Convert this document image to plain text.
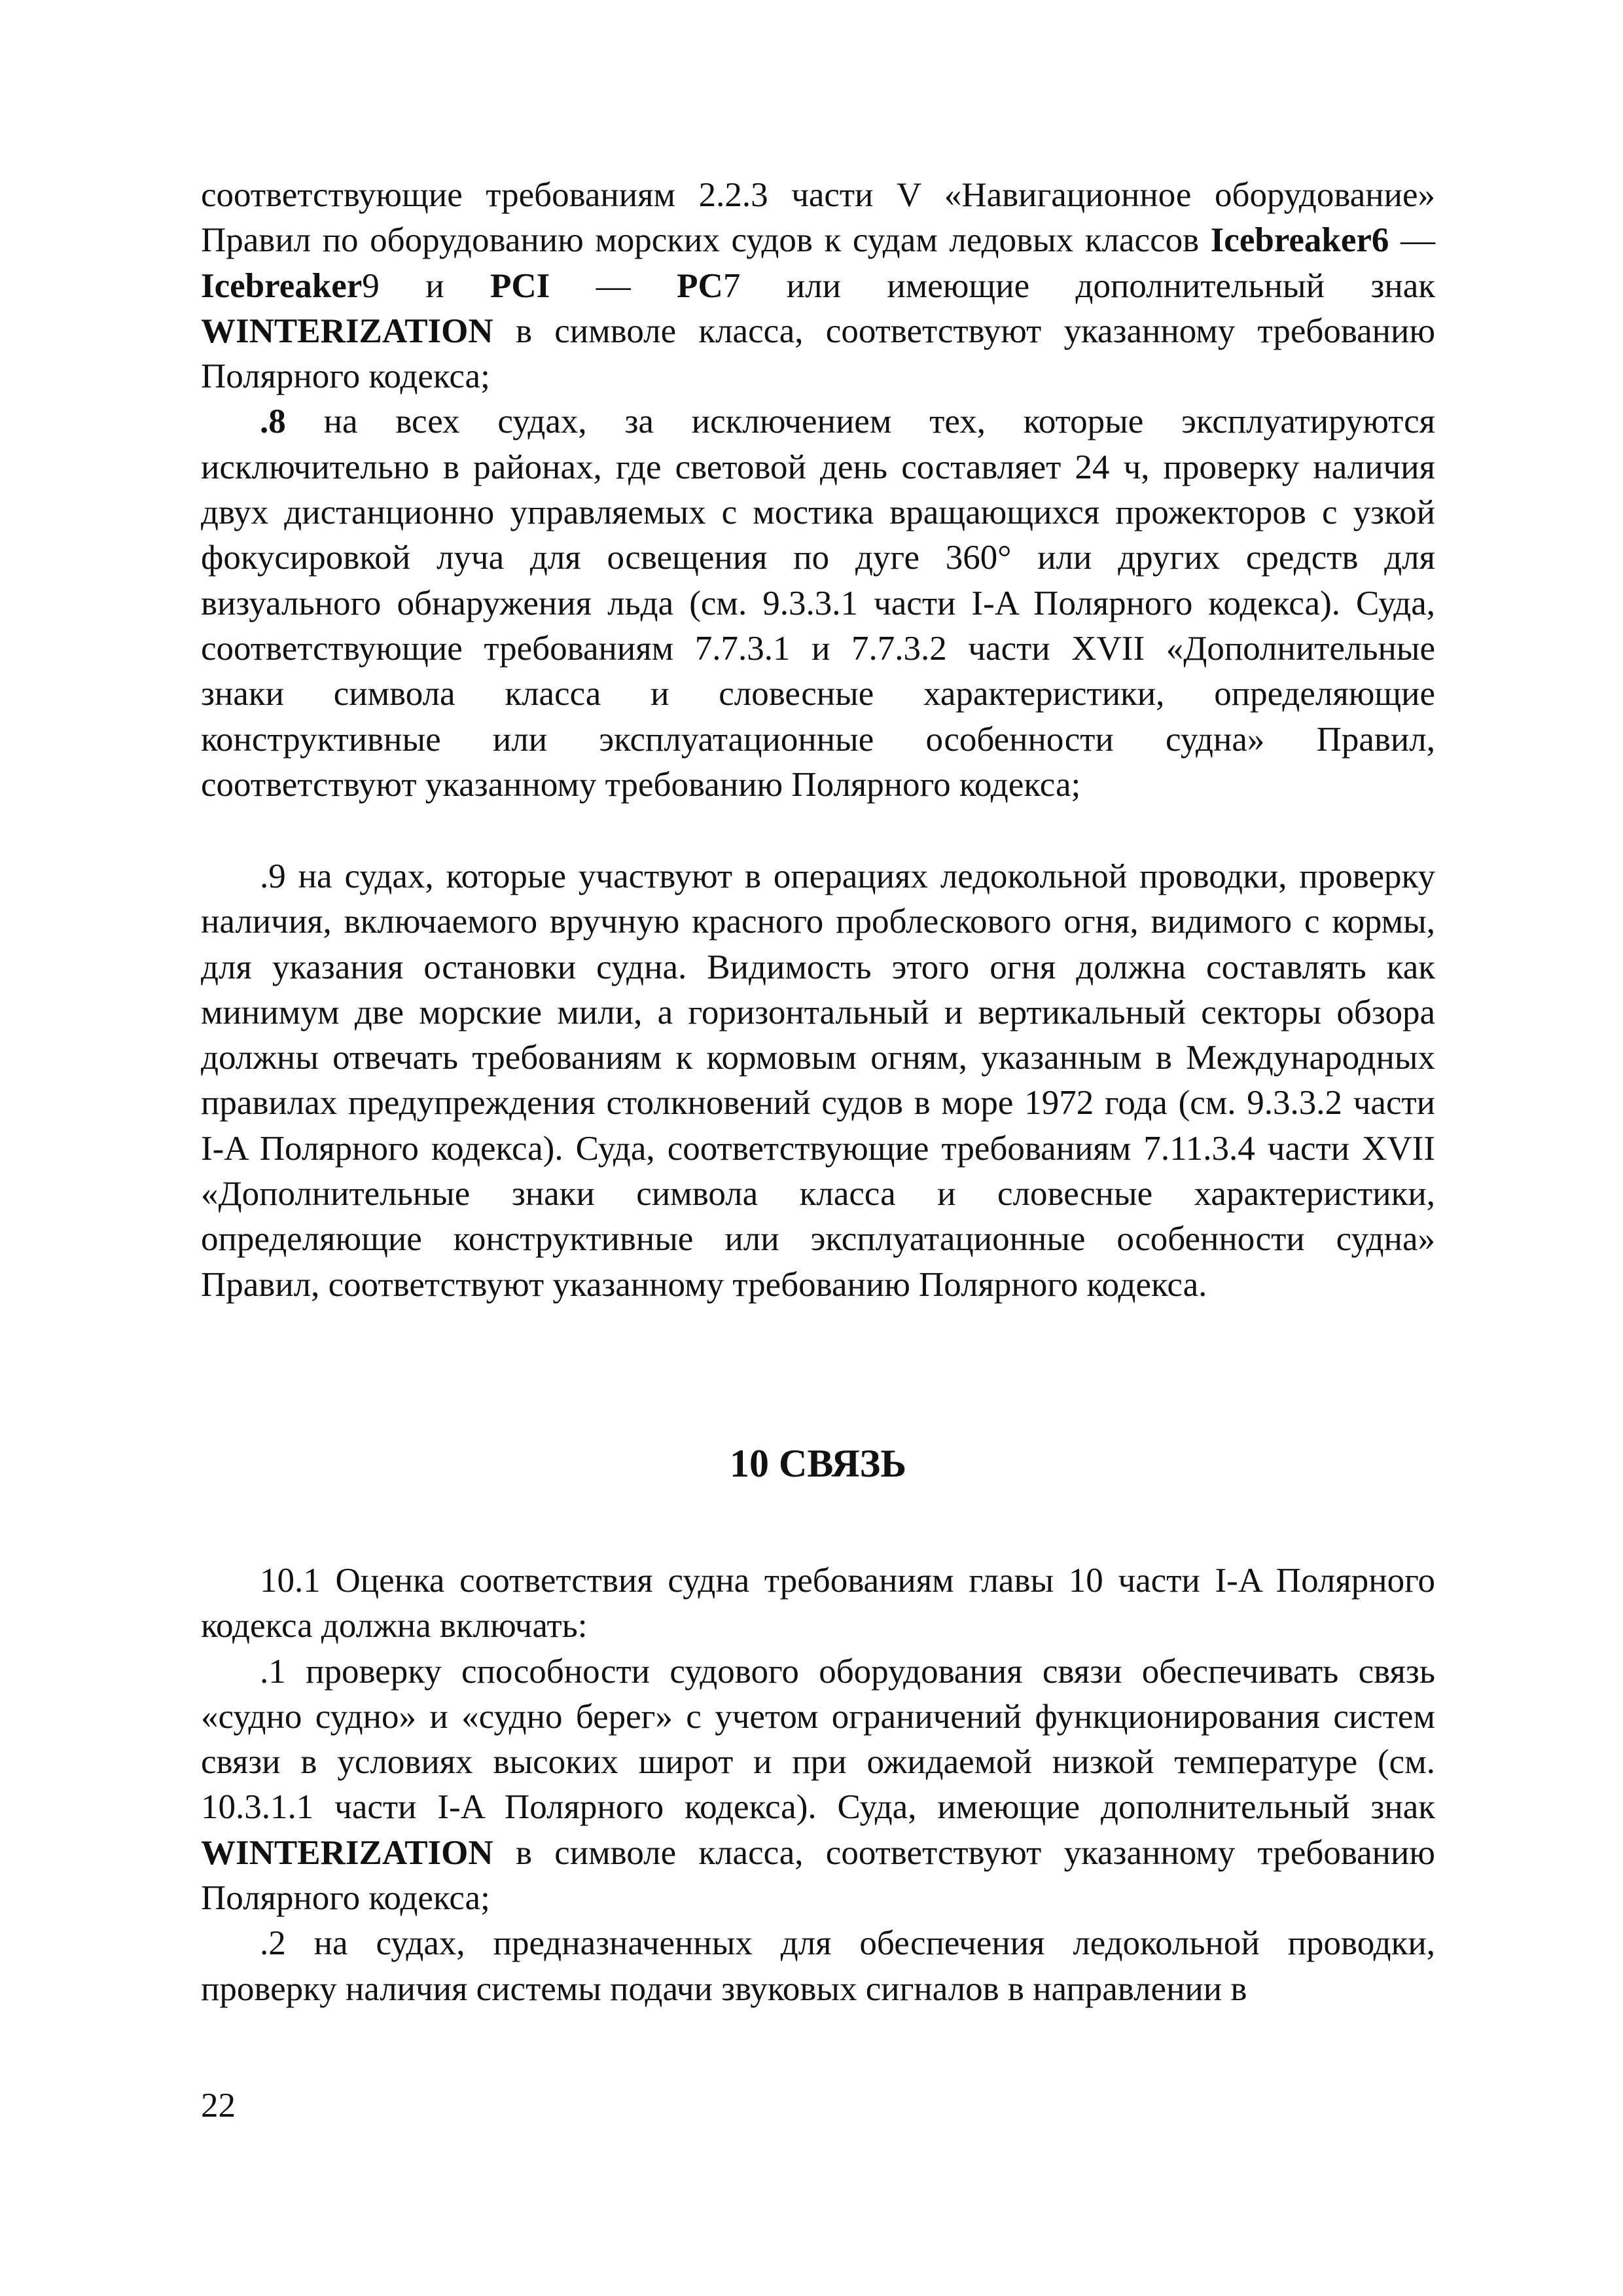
соответствующие требованиям 2.2.3 части V «Навигационное оборудование» Правил по оборудованию морских судов к судам ледовых классов Icebreaker6 — Icebreaker9 и PCI — PC7 или имеющие дополнительный знак WINTERIZATION в символе класса, соответствуют указанному требованию Полярного кодекса;

.8 на всех судах, за исключением тех, которые эксплуатируются исключительно в районах, где световой день составляет 24 ч, проверку наличия двух дистанционно управляемых с мостика вращающихся прожекторов с узкой фокусировкой луча для освещения по дуге 360° или других средств для визуального обнаружения льда (см. 9.3.3.1 части I-A Полярного кодекса). Суда, соответствующие требованиям 7.7.3.1 и 7.7.3.2 части XVII «Дополнительные знаки символа класса и словесные характеристики, определяющие конструктивные или эксплуатационные особенности судна» Правил, соответствуют указанному требованию Полярного кодекса;

.9 на судах, которые участвуют в операциях ледокольной проводки, проверку наличия, включаемого вручную красного проблескового огня, видимого с кормы, для указания остановки судна. Видимость этого огня должна составлять как минимум две морские мили, а горизонтальный и вертикальный секторы обзора должны отвечать требованиям к кормовым огням, указанным в Международных правилах предупреждения столкновений судов в море 1972 года (см. 9.3.3.2 части I-A Полярного кодекса). Суда, соответствующие требованиям 7.11.3.4 части XVII «Дополнительные знаки символа класса и словесные характеристики, определяющие конструктивные или эксплуатационные особенности судна» Правил, соответствуют указанному требованию Полярного кодекса.

10 СВЯЗЬ

10.1 Оценка соответствия судна требованиям главы 10 части I-A Полярного кодекса должна включать:

.1 проверку способности судового оборудования связи обеспечивать связь «судно судно» и «судно берег» с учетом ограничений функционирования систем связи в условиях высоких широт и при ожидаемой низкой температуре (см. 10.3.1.1 части I-A Полярного кодекса). Суда, имеющие дополнительный знак WINTERIZATION в символе класса, соответствуют указанному требованию Полярного кодекса;

.2 на судах, предназначенных для обеспечения ледокольной проводки, проверку наличия системы подачи звуковых сигналов в направлении в

22
